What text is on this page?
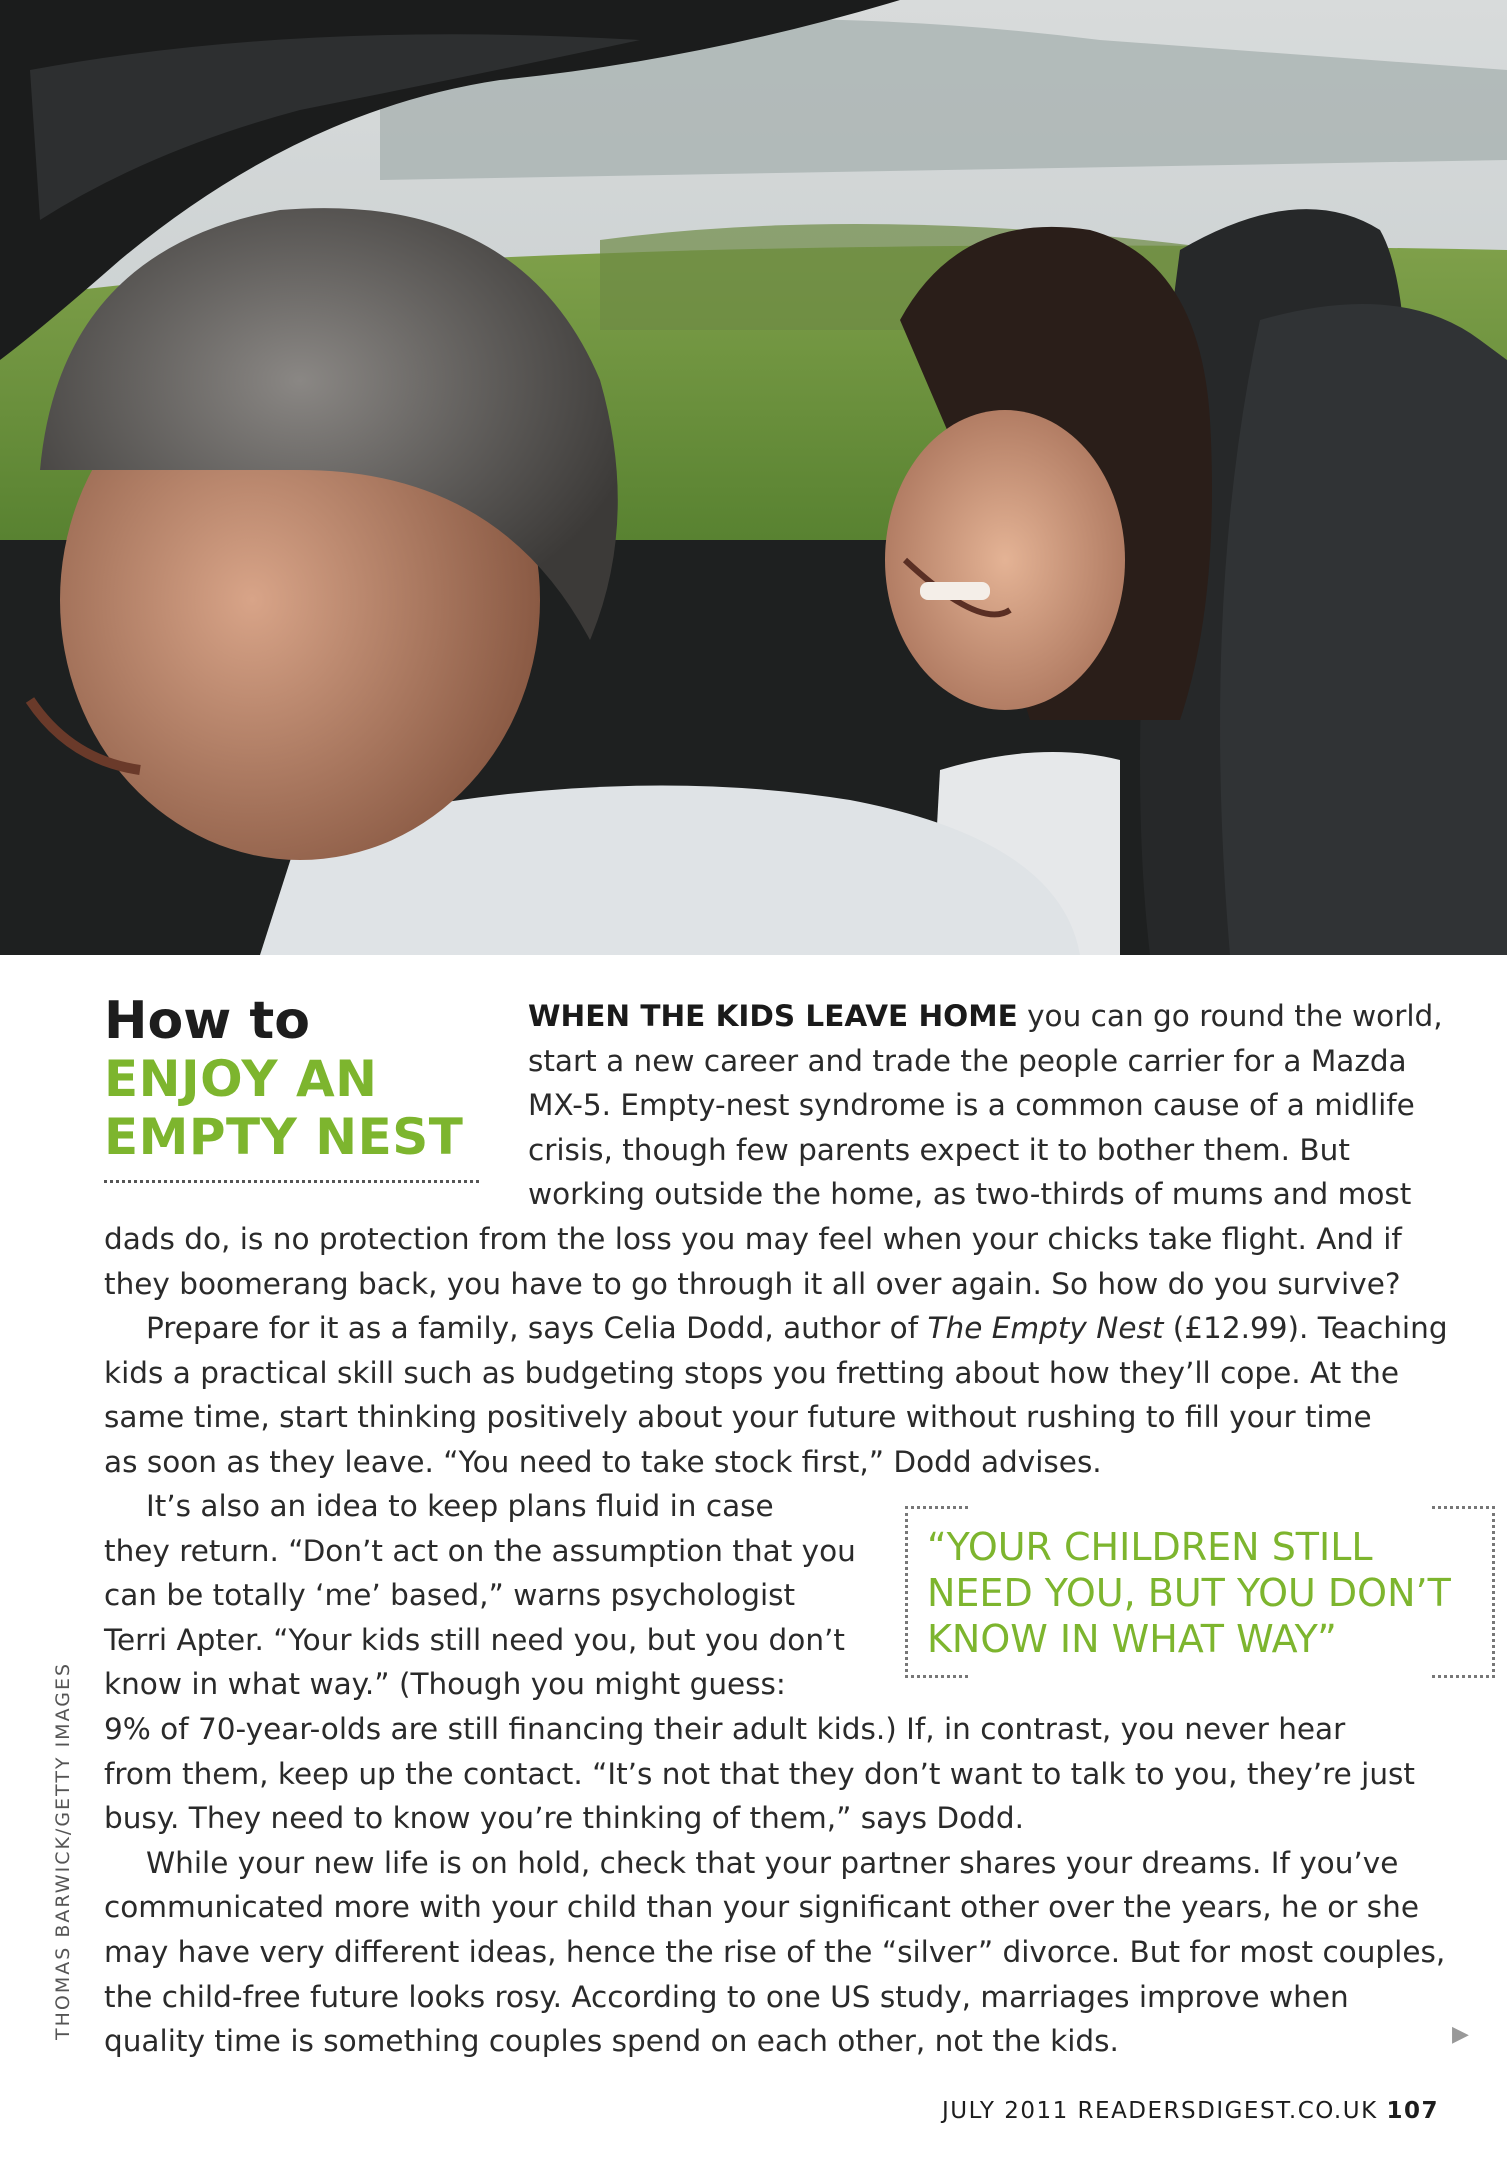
How to
ENJOY AN
EMPTY NEST
WHEN THE KIDS LEAVE HOME you can go round the world,
start a new career and trade the people carrier for a Mazda
MX-5. Empty-nest syndrome is a common cause of a midlife
crisis, though few parents expect it to bother them. But
working outside the home, as two-thirds of mums and most
dads do, is no protection from the loss you may feel when your chicks take flight. And if
they boomerang back, you have to go through it all over again. So how do you survive?
Prepare for it as a family, says Celia Dodd, author of The Empty Nest (£12.99). Teaching
kids a practical skill such as budgeting stops you fretting about how they’ll cope. At the
same time, start thinking positively about your future without rushing to fill your time
as soon as they leave. “You need to take stock first,” Dodd advises.
It’s also an idea to keep plans fluid in case
they return. “Don’t act on the assumption that you
can be totally ‘me’ based,” warns psychologist
Terri Apter. “Your kids still need you, but you don’t
know in what way.” (Though you might guess:
“YOUR CHILDREN STILL
NEED YOU, BUT YOU DON’T
KNOW IN WHAT WAY”
9% of 70-year-olds are still financing their adult kids.) If, in contrast, you never hear
from them, keep up the contact. “It’s not that they don’t want to talk to you, they’re just
busy. They need to know you’re thinking of them,” says Dodd.
While your new life is on hold, check that your partner shares your dreams. If you’ve
communicated more with your child than your significant other over the years, he or she
may have very different ideas, hence the rise of the “silver” divorce. But for most couples,
the child-free future looks rosy. According to one US study, marriages improve when
quality time is something couples spend on each other, not the kids.
THOMAS BARWICK/GETTY IMAGES	▶
JULY 2011 READERSDIGEST.CO.UK 107
